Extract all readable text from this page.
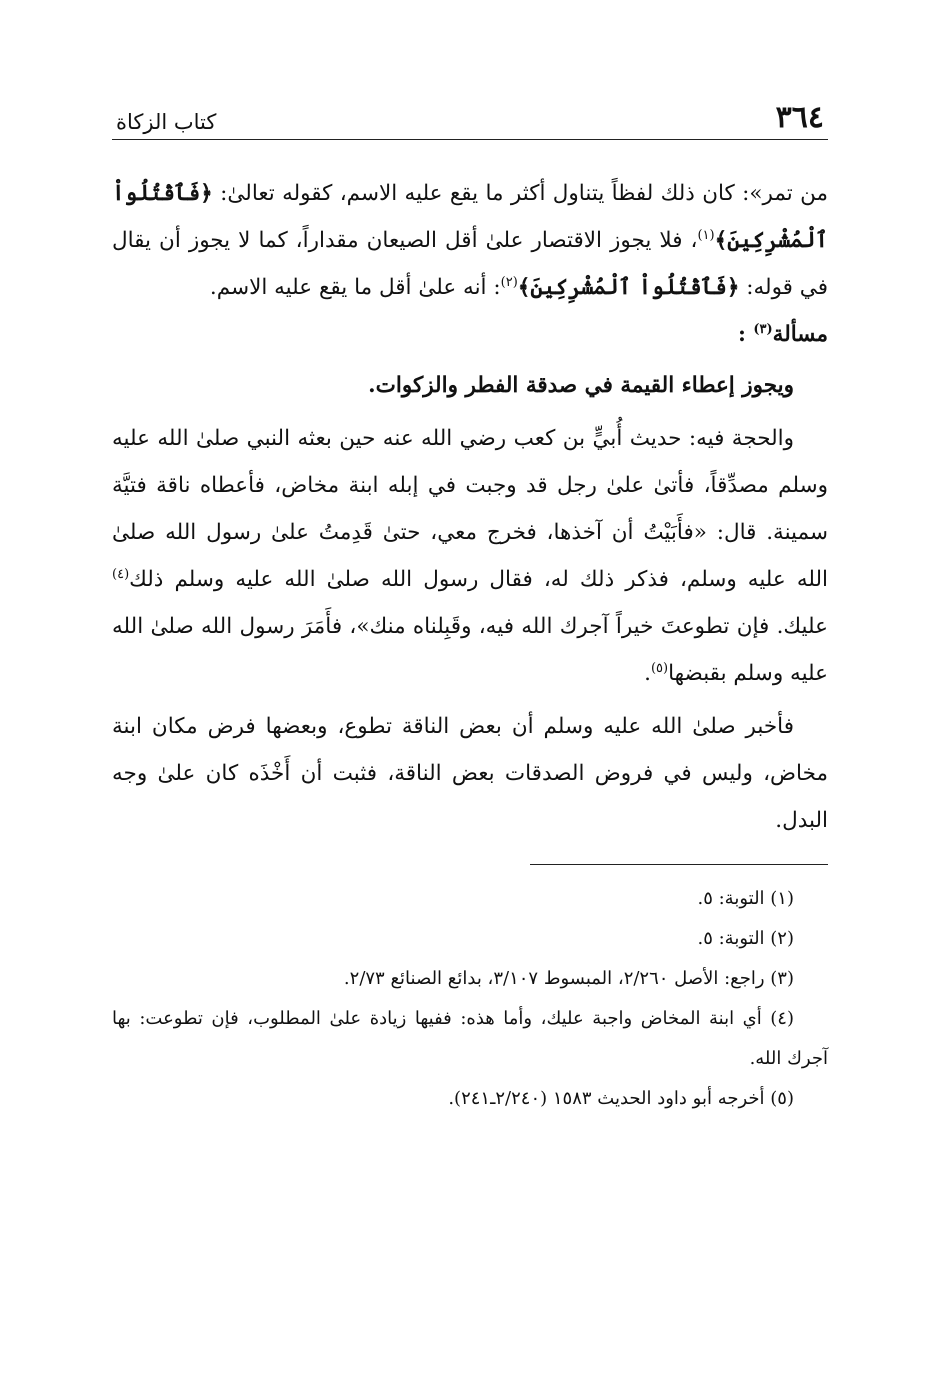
٣٦٤
كتاب الزكاة

من تمر»: كان ذلك لفظاً يتناول أكثر ما يقع عليه الاسم، كقوله تعالىٰ: ﴿فَٱقْتُلُواْ ٱلْمُشْرِكِينَ﴾$^{(١)}$، فلا يجوز الاقتصار علىٰ أقل الصيعان مقداراً، كما لا يجوز أن يقال في قوله: ﴿فَٱقْتُلُواْ ٱلْمُشْرِكِينَ﴾$^{(٢)}$: أنه علىٰ أقل ما يقع عليه الاسم.

مسألة$^{(٣)}$ :

ويجوز إعطاء القيمة في صدقة الفطر والزكوات.

والحجة فيه: حديث أُبيٍّ بن كعب رضي الله عنه حين بعثه النبي صلىٰ الله عليه وسلم مصدِّقاً، فأتىٰ علىٰ رجل قد وجبت في إبله ابنة مخاض، فأعطاه ناقة فتيَّة سمينة. قال: «فأَبَيْتُ أن آخذها، فخرج معي، حتىٰ قَدِمتُ علىٰ رسول الله صلىٰ الله عليه وسلم، فذكر ذلك له، فقال رسول الله صلىٰ الله عليه وسلم ذلك$^{(٤)}$ عليك. فإن تطوعتَ خيراً آجرك الله فيه، وقَبِلناه منك»، فأَمَرَ رسول الله صلىٰ الله عليه وسلم بقبضها$^{(٥)}$.

فأخبر صلىٰ الله عليه وسلم أن بعض الناقة تطوع، وبعضها فرض مكان ابنة مخاض، وليس في فروض الصدقات بعض الناقة، فثبت أن أَخْذَه كان علىٰ وجه البدل.

(١) التوبة: ٥.

(٢) التوبة: ٥.

(٣) راجع: الأصل ٢/٢٦٠، المبسوط ٣/١٠٧، بدائع الصنائع ٢/٧٣.

(٤) أي ابنة المخاض واجبة عليك، وأما هذه: ففيها زيادة علىٰ المطلوب، فإن تطوعت: بها آجرك الله.

(٥) أخرجه أبو داود الحديث ١٥٨٣ (٢/٢٤٠ـ٢٤١).
